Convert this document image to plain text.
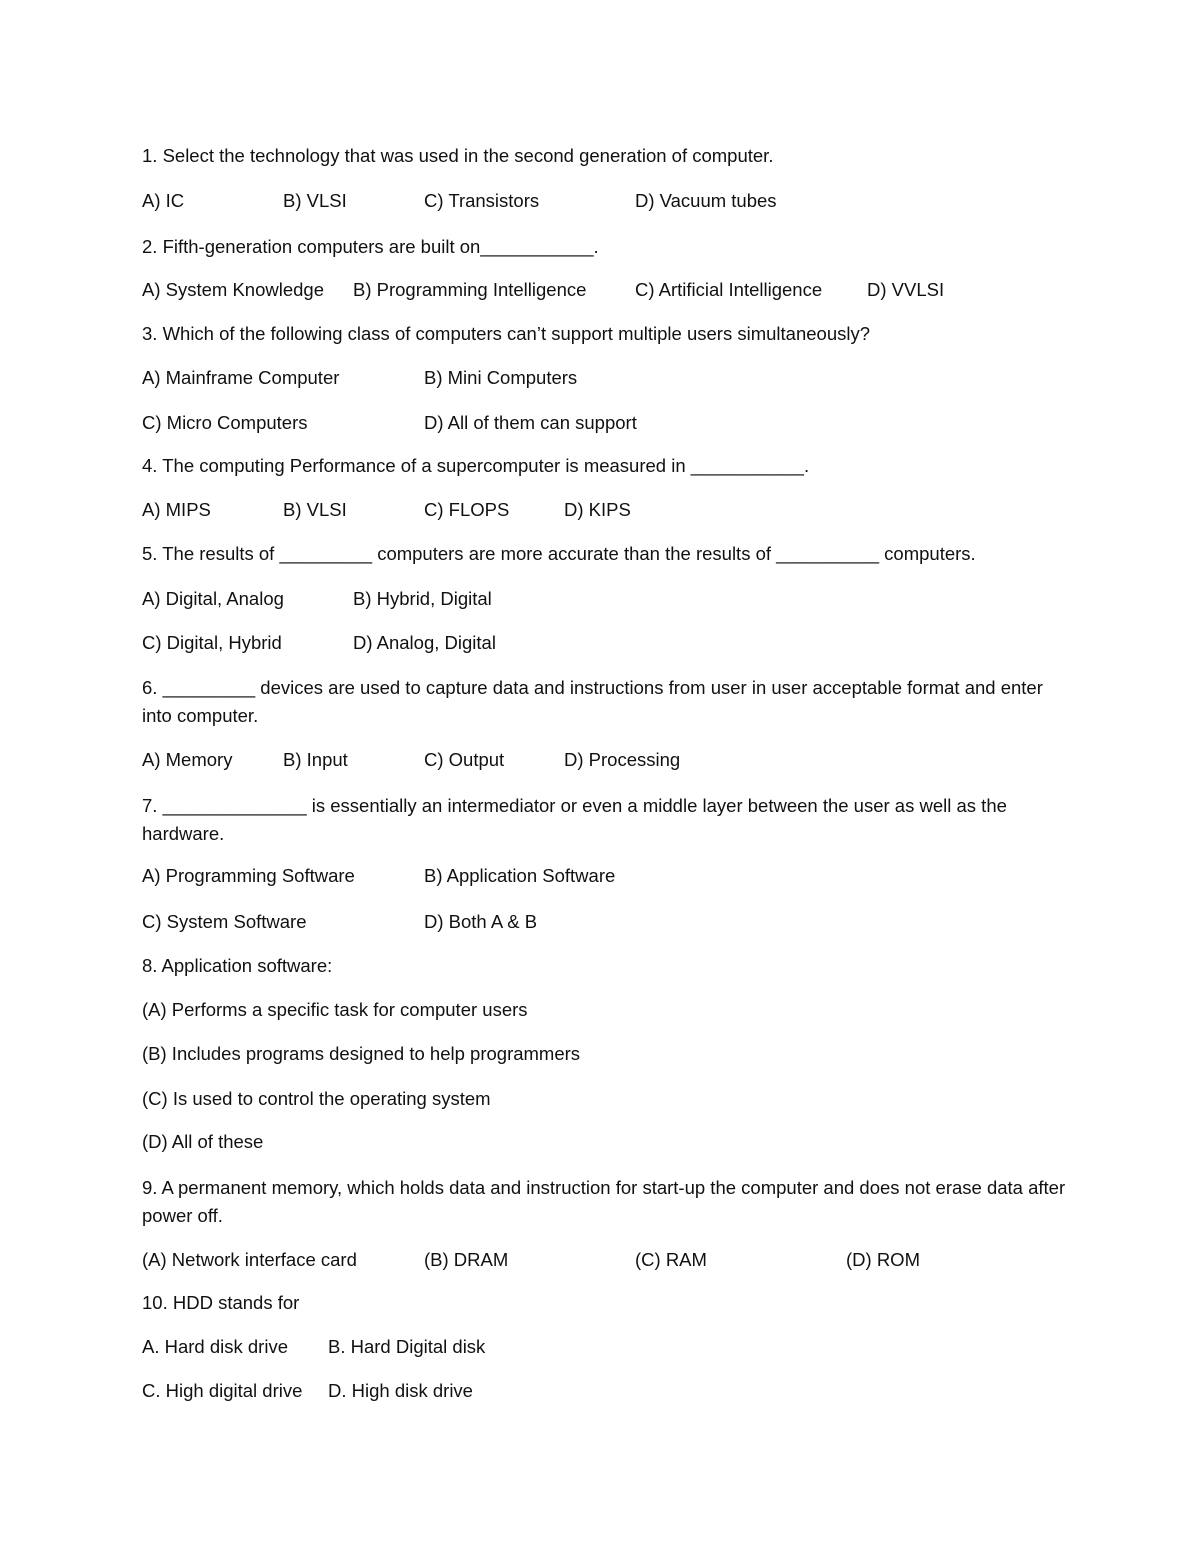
1. Select the technology that was used in the second generation of computer.
A) IC	B) VLSI	C) Transistors	D) Vacuum tubes
2. Fifth-generation computers are built on___________.
A) System Knowledge B) Programming Intelligence	C) Artificial Intelligence D) VVLSI
3. Which of the following class of computers can’t support multiple users simultaneously?
A) Mainframe Computer	B) Mini Computers
C) Micro Computers	D) All of them can support
4. The computing Performance of a supercomputer is measured in ___________.
A) MIPS	B) VLSI	C) FLOPS	D) KIPS
5. The results of _________ computers are more accurate than the results of __________ computers.
A) Digital, Analog	B) Hybrid, Digital
C) Digital, Hybrid	D) Analog, Digital
6. _________ devices are used to capture data and instructions from user in user acceptable format and enter into computer.
A) Memory	B) Input	C) Output	D) Processing
7. ______________ is essentially an intermediator or even a middle layer between the user as well as the hardware.
A) Programming Software	B) Application Software
C) System Software	D) Both A & B
8. Application software:
(A) Performs a specific task for computer users
(B) Includes programs designed to help programmers
(C) Is used to control the operating system
(D) All of these
9. A permanent memory, which holds data and instruction for start-up the computer and does not erase data after power off.
(A) Network interface card	(B) DRAM	(C) RAM	(D) ROM
10. HDD stands for
A. Hard disk drive B. Hard Digital disk
C. High digital drive D. High disk drive
